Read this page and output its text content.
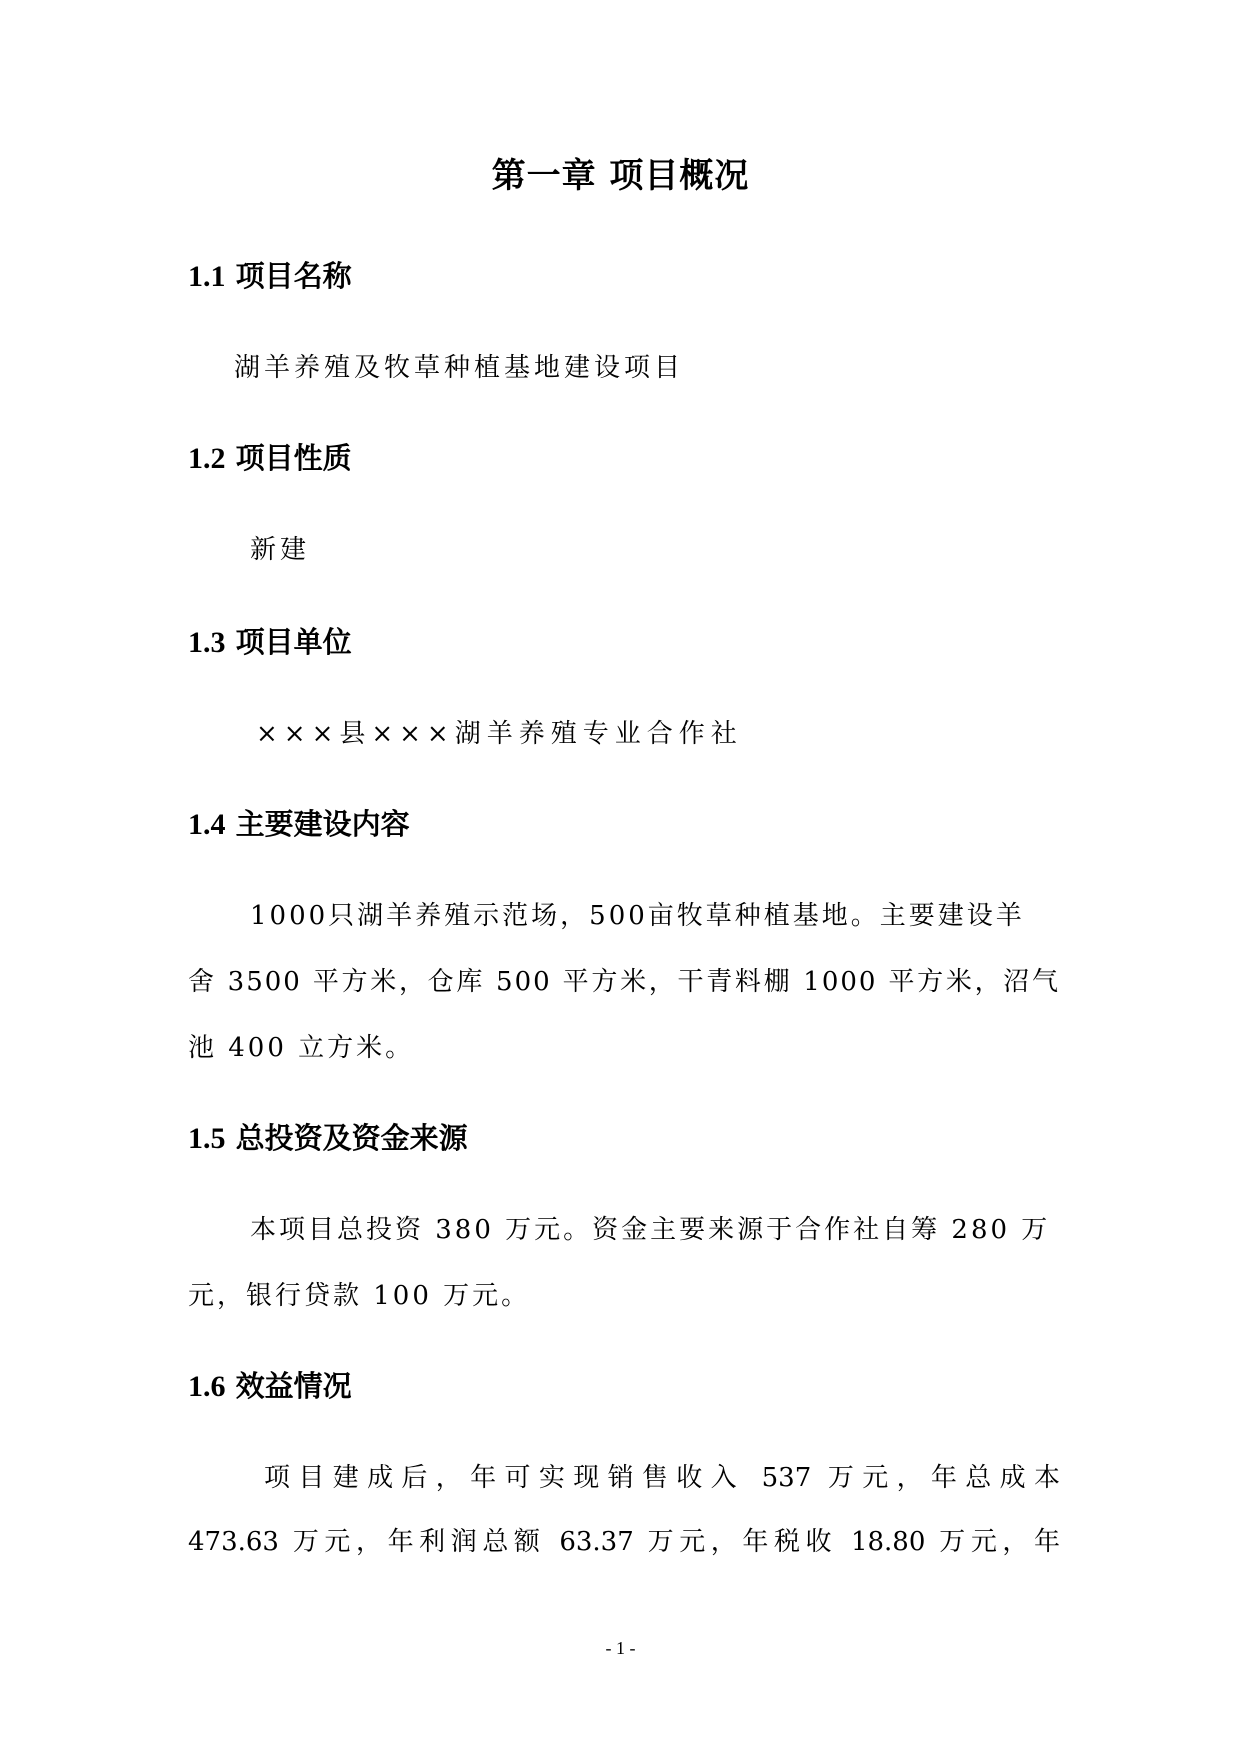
第一章 项目概况
1.1 项目名称
湖羊养殖及牧草种植基地建设项目
1.2 项目性质
新建
1.3 项目单位
×××县×××湖羊养殖专业合作社
1.4 主要建设内容
1000只湖羊养殖示范场，500亩牧草种植基地。主要建设羊
舍 3500 平方米，仓库 500 平方米，干青料棚 1000 平方米，沼气
池 400 立方米。
1.5 总投资及资金来源
本项目总投资 380 万元。资金主要来源于合作社自筹 280 万
元，银行贷款 100 万元。
1.6 效益情况
项目建成后，年可实现销售收入 537 万元，年总成本
473.63 万元，年利润总额 63.37 万元，年税收 18.80 万元，年
- 1 -
